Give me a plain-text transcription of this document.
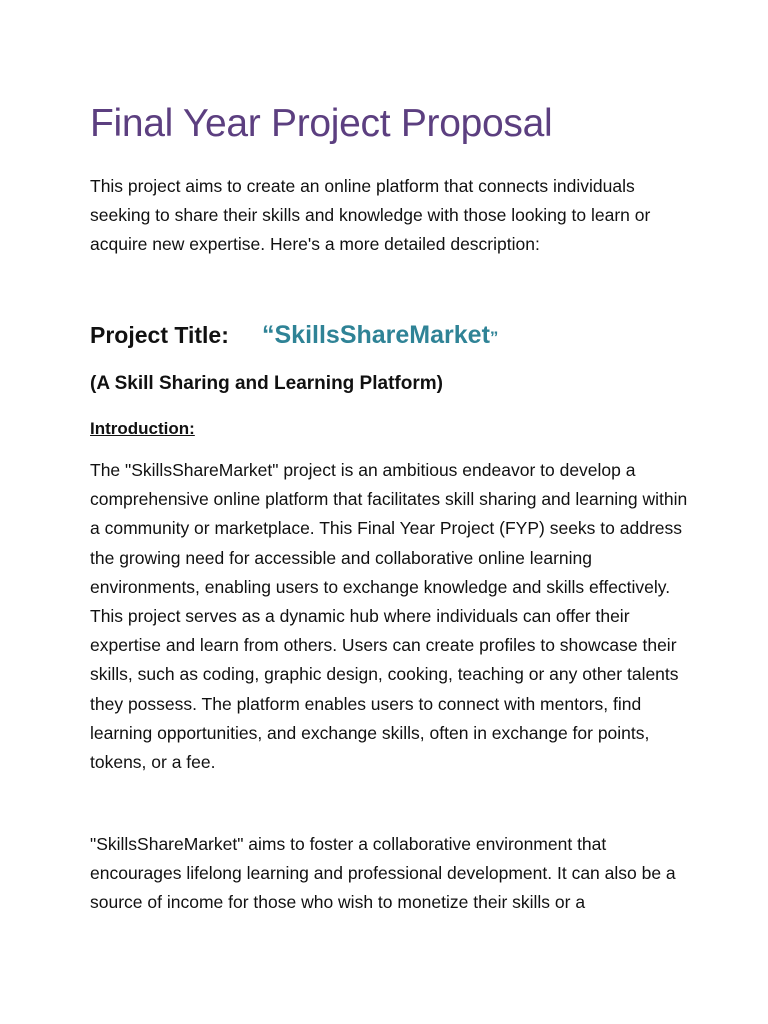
Final Year Project Proposal

This project aims to create an online platform that connects individuals seeking to share their skills and knowledge with those looking to learn or acquire new expertise. Here's a more detailed description:

Project Title: “SkillsShareMarket”
(A Skill Sharing and Learning Platform)
Introduction:

The "SkillsShareMarket" project is an ambitious endeavor to develop a comprehensive online platform that facilitates skill sharing and learning within a community or marketplace. This Final Year Project (FYP) seeks to address the growing need for accessible and collaborative online learning environments, enabling users to exchange knowledge and skills effectively. This project serves as a dynamic hub where individuals can offer their expertise and learn from others. Users can create profiles to showcase their skills, such as coding, graphic design, cooking, teaching or any other talents they possess. The platform enables users to connect with mentors, find learning opportunities, and exchange skills, often in exchange for points, tokens, or a fee.

"SkillsShareMarket" aims to foster a collaborative environment that encourages lifelong learning and professional development. It can also be a source of income for those who wish to monetize their skills or a
